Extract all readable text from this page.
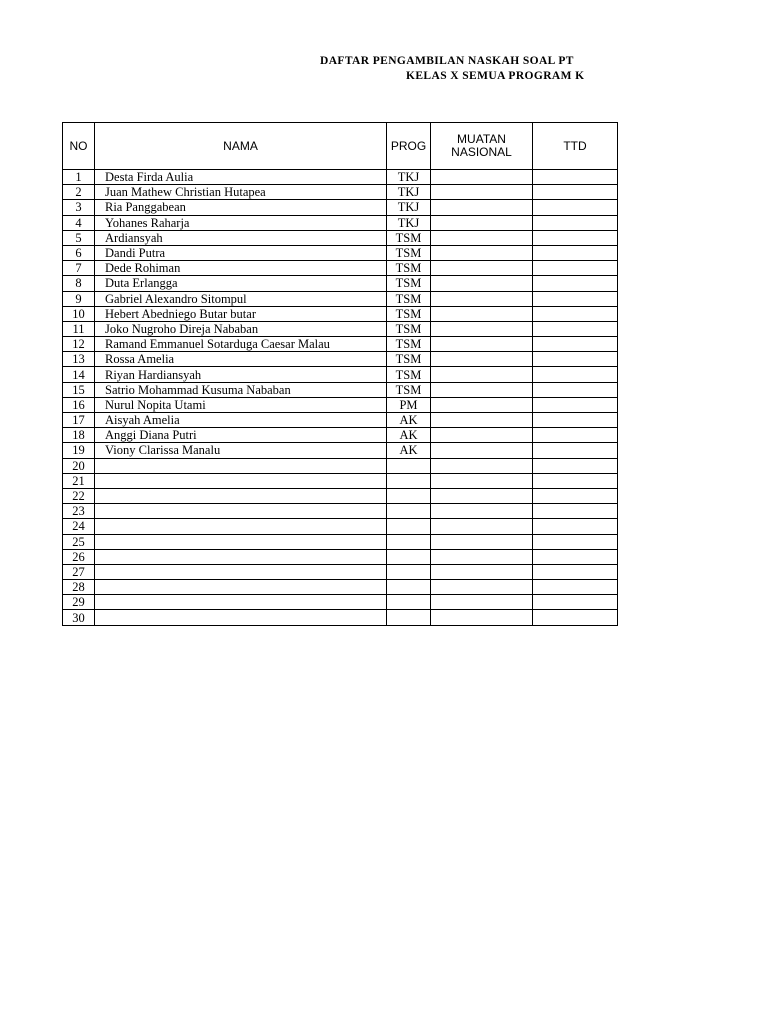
DAFTAR PENGAMBILAN NASKAH SOAL PT
KELAS X SEMUA PROGRAM K
NO	NAMA	PROG	MUATAN NASIONAL	TTD
1	Desta Firda Aulia	TKJ		
2	Juan Mathew Christian Hutapea	TKJ		
3	Ria Panggabean	TKJ		
4	Yohanes Raharja	TKJ		
5	Ardiansyah	TSM		
6	Dandi Putra	TSM		
7	Dede Rohiman	TSM		
8	Duta Erlangga	TSM		
9	Gabriel Alexandro Sitompul	TSM		
10	Hebert Abedniego Butar butar	TSM		
11	Joko Nugroho Direja Nababan	TSM		
12	Ramand Emmanuel Sotarduga Caesar Malau	TSM		
13	Rossa Amelia	TSM		
14	Riyan Hardiansyah	TSM		
15	Satrio Mohammad Kusuma Nababan	TSM		
16	Nurul Nopita Utami	PM		
17	Aisyah Amelia	AK		
18	Anggi Diana Putri	AK		
19	Viony Clarissa Manalu	AK		
20				
21				
22				
23				
24				
25				
26				
27				
28				
29				
30				
